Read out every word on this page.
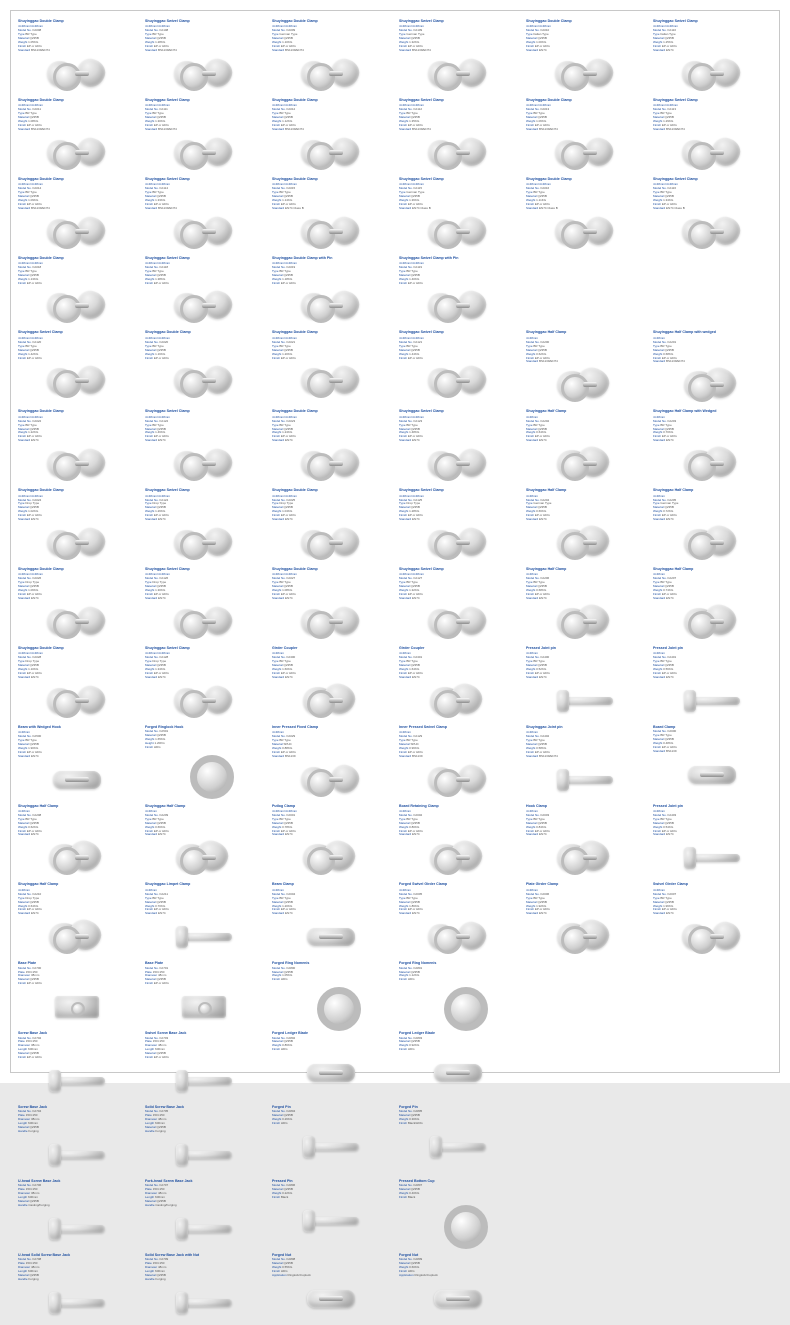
Shuyinggao Double Clamp
4×48mm/4×48mm
Model No. FA008
Type BR Type
Material Q235B
Weight 1.05KG
Finish EP or HDG
Standard BS1139/EN74
Shuyinggao Swivel Clamp
4×48mm/4×48mm
Model No. FA108
Type BR Type
Material Q235B
Weight 1.28KG
Finish EP or HDG
Standard BS1139/EN74
Shuyinggao Double Clamp
4×48mm/4×48mm
Model No. FA009
Type German Type
Material Q235B
Weight 1.10KG
Finish EP or HDG
Standard BS1139/EN74
Shuyinggao Swivel Clamp
4×48mm/4×48mm
Model No. FA109
Type German Type
Material Q235B
Weight 1.32KG
Finish EP or HDG
Standard BS1139/EN74
Shuyinggao Double Clamp
4×48mm/4×48mm
Model No. FA010
Type Italian Type
Material Q235B
Weight 1.00KG
Finish EP or HDG
Standard EN74
Shuyinggao Swivel Clamp
4×48mm/4×48mm
Model No. FA110
Type Italian Type
Material Q235B
Weight 1.25KG
Finish EP or HDG
Standard EN74
Shuyinggao Double Clamp
4×48mm/4×48mm
Model No. FA011
Type BR Type
Material Q235B
Weight 1.08KG
Finish EP or HDG
Standard BS1139/EN74
Shuyinggao Swivel Clamp
4×48mm/4×48mm
Model No. FA111
Type BR Type
Material Q235B
Weight 1.30KG
Finish EP or HDG
Standard BS1139/EN74
Shuyinggao Double Clamp
4×48mm/4×48mm
Model No. FA012
Type BR Type
Material Q235B
Weight 1.12KG
Finish EP or HDG
Standard BS1139/EN74
Shuyinggao Swivel Clamp
4×48mm/4×48mm
Model No. FA112
Type BR Type
Material Q235B
Weight 1.35KG
Finish EP or HDG
Standard BS1139/EN74
Shuyinggao Double Clamp
4×48mm/4×48mm
Model No. FA013
Type BR Type
Material Q235B
Weight 1.06KG
Finish EP or HDG
Standard BS1139/EN74
Shuyinggao Swivel Clamp
4×48mm/4×48mm
Model No. FA113
Type BR Type
Material Q235B
Weight 1.29KG
Finish EP or HDG
Standard BS1139/EN74
Shuyinggao Double Clamp
4×48mm/4×48mm
Model No. FA014
Type BR Type
Material Q235B
Weight 1.09KG
Finish EP or HDG
Standard BS1139/EN74
Shuyinggao Swivel Clamp
4×48mm/4×48mm
Model No. FA114
Type BR Type
Material Q235B
Weight 1.33KG
Finish EP or HDG
Standard BS1139/EN74
Shuyinggao Double Clamp
4×48mm/4×48mm
Model No. FA015
Type BR Type
Material Q235B
Weight 1.14KG
Finish EP or HDG
Standard EN74 Class B
Shuyinggao Swivel Clamp
4×48mm/4×48mm
Model No. FA115
Type German Type
Material Q235B
Weight 1.36KG
Finish EP or HDG
Standard EN74 Class B
Shuyinggao Double Clamp
4×48mm/4×48mm
Model No. FA016
Type BR Type
Material Q235B
Weight 1.11KG
Finish EP or HDG
Standard EN74 Class B
Shuyinggao Swivel Clamp
4×48mm/4×48mm
Model No. FA116
Type BR Type
Material Q235B
Weight 1.34KG
Finish EP or HDG
Standard EN74 Class B
Shuyinggao Double Clamp
4×48mm/4×48mm
Model No. FA018
Type BR Type
Material Q235B
Weight 1.13KG
Finish EP or HDG
Shuyinggao Swivel Clamp
4×48mm/4×48mm
Model No. FA118
Type BR Type
Material Q235B
Weight 1.38KG
Finish EP or HDG
Shuyinggao Double Clamp with Pin
4×48mm/4×48mm
Model No. FA019
Type BR Type
Material Q235B
Weight 1.18KG
Finish EP or HDG
Shuyinggao Swivel Clamp with Pin
4×48mm/4×48mm
Model No. FA119
Type BR Type
Material Q235B
Weight 1.40KG
Finish EP or HDG
Shuyinggao Swivel Clamp
4×48mm/4×48mm
Model No. FA120
Type BR Type
Material Q235B
Weight 1.42KG
Finish EP or HDG
Shuyinggao Double Clamp
4×48mm/4×48mm
Model No. FA020
Type BR Type
Material Q235B
Weight 1.16KG
Finish EP or HDG
Shuyinggao Double Clamp
4×48mm/4×48mm
Model No. FA021
Type BR Type
Material Q235B
Weight 1.20KG
Finish EP or HDG
Shuyinggao Swivel Clamp
4×48mm/4×48mm
Model No. FA121
Type BR Type
Material Q235B
Weight 1.44KG
Finish EP or HDG
Shuyinggao Half Clamp
4×48mm
Model No. FA200
Type BR Type
Material Q235B
Weight 0.62KG
Finish EP or HDG
Standard BS1139/EN74
Shuyinggao Half Clamp with wedged
4×48mm
Model No. FA201
Type BR Type
Material Q235B
Weight 0.68KG
Finish EP or HDG
Standard BS1139/EN74
Shuyinggao Double Clamp
4×48mm/4×48mm
Model No. FA022
Type BR Type
Material Q235B
Weight 1.22KG
Finish EP or HDG
Standard EN74
Shuyinggao Swivel Clamp
4×48mm/4×48mm
Model No. FA122
Type BR Type
Material Q235B
Weight 1.46KG
Finish EP or HDG
Standard EN74
Shuyinggao Double Clamp
4×48mm/4×48mm
Model No. FA023
Type BR Type
Material Q235B
Weight 1.24KG
Finish EP or HDG
Standard EN74
Shuyinggao Swivel Clamp
4×48mm/4×48mm
Model No. FA123
Type BR Type
Material Q235B
Weight 1.48KG
Finish EP or HDG
Standard EN74
Shuyinggao Half Clamp
4×48mm
Model No. FA202
Type BR Type
Material Q235B
Weight 0.64KG
Finish EP or HDG
Standard EN74
Shuyinggao Half Clamp with Wedged
4×48mm
Model No. FA203
Type BR Type
Material Q235B
Weight 0.70KG
Finish EP or HDG
Standard EN74
Shuyinggao Double Clamp
4×48mm/4×48mm
Model No. FA024
Type Drop Type
Material Q235B
Weight 1.02KG
Finish EP or HDG
Standard EN74
Shuyinggao Swivel Clamp
4×48mm/4×48mm
Model No. FA124
Type Drop Type
Material Q235B
Weight 1.26KG
Finish EP or HDG
Standard EN74
Shuyinggao Double Clamp
4×48mm/4×48mm
Model No. FA025
Type Drop Type
Material Q235B
Weight 1.04KG
Finish EP or HDG
Standard EN74
Shuyinggao Swivel Clamp
4×48mm/4×48mm
Model No. FA125
Type Drop Type
Material Q235B
Weight 1.28KG
Finish EP or HDG
Standard EN74
Shuyinggao Half Clamp
4×48mm
Model No. FA204
Type German Type
Material Q235B
Weight 0.66KG
Finish EP or HDG
Standard EN74
Shuyinggao Half Clamp
4×48mm
Model No. FA205
Type German Type
Material Q235B
Weight 0.72KG
Finish EP or HDG
Standard EN74
Shuyinggao Double Clamp
4×48mm/4×48mm
Model No. FA026
Type Drop Type
Material Q235B
Weight 1.06KG
Finish EP or HDG
Standard EN74
Shuyinggao Swivel Clamp
4×48mm/4×48mm
Model No. FA126
Type Drop Type
Material Q235B
Weight 1.30KG
Finish EP or HDG
Standard EN74
Shuyinggao Double Clamp
4×48mm/4×48mm
Model No. FA027
Type BR Type
Material Q235B
Weight 1.08KG
Finish EP or HDG
Standard EN74
Shuyinggao Swivel Clamp
4×48mm/4×48mm
Model No. FA127
Type BR Type
Material Q235B
Weight 1.32KG
Finish EP or HDG
Standard EN74
Shuyinggao Half Clamp
4×48mm
Model No. FA206
Type BR Type
Material Q235B
Weight 0.68KG
Finish EP or HDG
Standard EN74
Shuyinggao Half Clamp
4×48mm
Model No. FA207
Type BR Type
Material Q235B
Weight 0.74KG
Finish EP or HDG
Standard EN74
Shuyinggao Double Clamp
4×48mm/4×48mm
Model No. FA028
Type Drop Type
Material Q235B
Weight 1.10KG
Finish EP or HDG
Standard EN74
Shuyinggao Swivel Clamp
4×48mm/4×48mm
Model No. FA128
Type Drop Type
Material Q235B
Weight 1.34KG
Finish EP or HDG
Standard EN74
Girder Coupler
4×48mm
Model No. FA300
Type BR Type
Material Q235B
Weight 1.60KG
Finish EP or HDG
Standard EN74
Girder Coupler
4×48mm
Model No. FA301
Type BR Type
Material Q235B
Weight 1.64KG
Finish EP or HDG
Standard EN74
Pressed Joint pin
4×48mm
Model No. FA400
Type BR Type
Material Q235B
Weight 0.52KG
Finish EP or HDG
Standard EN74
Pressed Joint pin
4×48mm
Model No. FA401
Type BR Type
Material Q235B
Weight 0.56KG
Finish EP or HDG
Standard EN74
Beam with Wedged Hook
4×48mm
Model No. FA500
Type BR Type
Material Q235B
Weight 1.90KG
Finish EP or HDG
Standard EN74
Forged Ringlock Hook
Model No. FA501
Material Q235B
Weight 1.65KG
Height 1.20KG
Finish HDG
Inner Pressed Fixed Clamp
4×48mm
Model No. FA029
Type BR Type
Material SPHC
Weight 0.88KG
Finish EP or HDG
Standard BS1139
Inner Pressed Swivel Clamp
4×48mm
Model No. FA129
Type BR Type
Material SPHC
Weight 0.96KG
Finish EP or HDG
Standard BS1139
Shuyinggao Joint pin
4×48mm
Model No. FA402
Type BR Type
Material Q235B
Weight 0.58KG
Finish EP or HDG
Standard BS1139/EN74
Board Clamp
Model No. FA600
Type BR Type
Material Q235B
Weight 0.48KG
Finish EP or HDG
Standard BS1139
Shuyinggao Half Clamp
4×48mm
Model No. FA208
Type BR Type
Material Q235B
Weight 0.62KG
Finish EP or HDG
Standard EN74
Shuyinggao Half Clamp
4×48mm
Model No. FA209
Type BR Type
Material Q235B
Weight 0.66KG
Finish EP or HDG
Standard EN74
Putlog Clamp
4×48mm/4×48mm
Model No. FA601
Type BR Type
Material Q235B
Weight 0.78KG
Finish EP or HDG
Standard EN74
Board Retaining Clamp
4×48mm
Model No. FA602
Type BR Type
Material Q235B
Weight 0.80KG
Finish EP or HDG
Standard EN74
Hook Clamp
4×48mm
Model No. FA603
Type BR Type
Material Q235B
Weight 0.84KG
Finish EP or HDG
Standard EN74
Pressed Joint pin
4×48mm
Model No. FA403
Type BR Type
Material Q235B
Weight 0.54KG
Finish EP or HDG
Standard EN74
Shuyinggao Half Clamp
4×48mm
Model No. FA210
Type Drop Type
Material Q235B
Weight 0.64KG
Finish EP or HDG
Standard EN74
Shuyinggao Limpet Clamp
4×48mm
Model No. FA211
Type BR Type
Material Q235B
Weight 0.70KG
Finish EP or HDG
Standard EN74
Beam Clamp
4×48mm
Model No. FA604
Type BR Type
Material Q235B
Weight 1.20KG
Finish EP or HDG
Standard EN74
Forged Swivel Girder Clamp
4×48mm
Model No. FA605
Type BR Type
Material Q235B
Weight 1.86KG
Finish EP or HDG
Standard EN74
Plate Girder Clamp
4×48mm
Model No. FA606
Type BR Type
Material Q235B
Weight 1.92KG
Finish EP or HDG
Standard EN74
Swivel Girder Clamp
4×48mm
Model No. FA607
Type BR Type
Material Q235B
Weight 1.96KG
Finish EP or HDG
Standard EN74
Base Plate
Model No. FA700
Plate 150×150
Diameter 38mm
Material Q235B
Finish EP or HDG
Base Plate
Model No. FA701
Plate 150×150
Diameter 48mm
Material Q235B
Finish EP or HDG
Forged Ring Nomenis
Model No. FA800
Material Q235B
Weight 1.05KG
Finish HDG
Forged Ring Nomenis
Model No. FA801
Material Q235B
Weight 1.12KG
Finish HDG
Screw Base Jack
Model No. FA702
Plate 150×150
Diameter 38mm
Length 600mm
Material Q235B
Finish EP or HDG
Swivel Screw Base Jack
Model No. FA703
Plate 150×150
Diameter 48mm
Length 600mm
Material Q235B
Finish EP or HDG
Forged Ledger Blade
Model No. FA802
Material Q235B
Weight 0.86KG
Finish HDG
Forged Ledger Blade
Model No. FA803
Material Q235B
Weight 0.92KG
Finish HDG
Screw Base Jack
Model No. FA704
Plate 150×150
Diameter 38mm
Length 600mm
Material Q235B
Handle Forging
Solid Screw Base Jack
Model No. FA705
Plate 150×150
Diameter 48mm
Length 600mm
Material Q235B
Handle Forging
Forged Pin
Model No. FA804
Material Q235B
Weight 0.26KG
Finish HDG
Forged Pin
Model No. FA805
Material Q235B
Weight 0.30KG
Finish Black/HDG
U-head Screw Base Jack
Model No. FA706
Plate 150×150
Diameter 38mm
Length 600mm
Material Q235B
Handle Casting/Forging
Fork-head Screw Base Jack
Model No. FA707
Plate 150×150
Diameter 48mm
Length 600mm
Material Q235B
Handle Casting/Forging
Pressed Pin
Model No. FA806
Material Q235B
Weight 0.22KG
Finish Black
Pressed Bottom Cup
Model No. FA807
Material Q235B
Weight 0.40KG
Finish Black
U-head Solid Screw Base Jack
Model No. FA708
Plate 150×150
Diameter 48mm
Length 600mm
Material Q235B
Handle Forging
Solid Screw Base Jack with Nut
Model No. FA709
Plate 150×150
Diameter 48mm
Length 600mm
Material Q235B
Handle Forging
Forged Nut
Model No. FA808
Material Q235B
Weight 0.55KG
Finish HDG
Application Ringlock/Cuplock
Forged Nut
Model No. FA809
Material Q235B
Weight 0.60KG
Finish HDG
Application Ringlock/Cuplock
